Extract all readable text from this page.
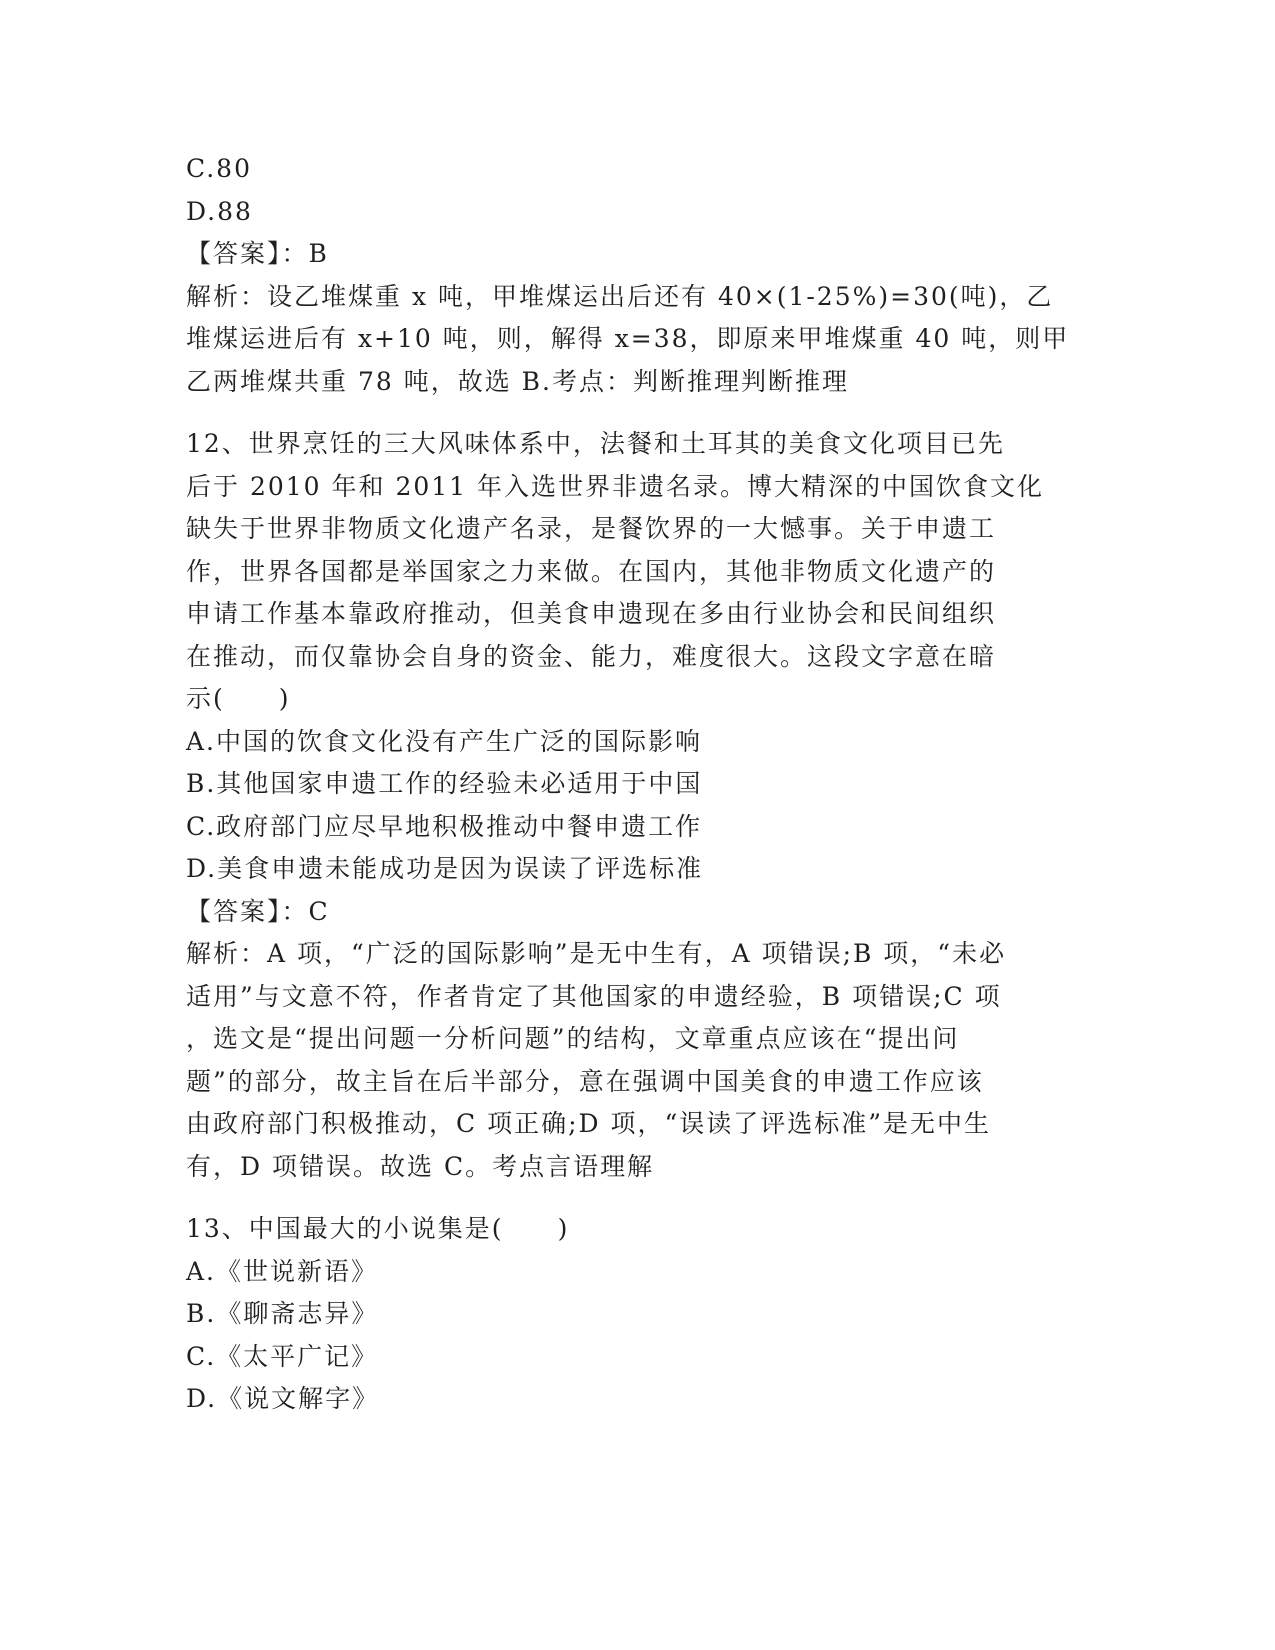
C.80
D.88
【答案】：B
解析：设乙堆煤重 x 吨，甲堆煤运出后还有 40×(1-25%)=30(吨)，乙
堆煤运进后有 x+10 吨，则，解得 x=38，即原来甲堆煤重 40 吨，则甲
乙两堆煤共重 78 吨，故选 B.考点：判断推理判断推理
12、世界烹饪的三大风味体系中，法餐和土耳其的美食文化项目已先
后于 2010 年和 2011 年入选世界非遗名录。博大精深的中国饮食文化
缺失于世界非物质文化遗产名录，是餐饮界的一大憾事。关于申遗工
作，世界各国都是举国家之力来做。在国内，其他非物质文化遗产的
申请工作基本靠政府推动，但美食申遗现在多由行业协会和民间组织
在推动，而仅靠协会自身的资金、能力，难度很大。这段文字意在暗
示(　　)
A.中国的饮食文化没有产生广泛的国际影响
B.其他国家申遗工作的经验未必适用于中国
C.政府部门应尽早地积极推动中餐申遗工作
D.美食申遗未能成功是因为误读了评选标准
【答案】：C
解析：A 项，“广泛的国际影响”是无中生有，A 项错误;B 项，“未必
适用”与文意不符，作者肯定了其他国家的申遗经验，B 项错误;C 项
，选文是“提出问题一分析问题”的结构，文章重点应该在“提出问
题”的部分，故主旨在后半部分，意在强调中国美食的申遗工作应该
由政府部门积极推动，C 项正确;D 项，“误读了评选标准”是无中生
有，D 项错误。故选 C。考点言语理解
13、中国最大的小说集是(　　)
A.《世说新语》
B.《聊斋志异》
C.《太平广记》
D.《说文解字》
